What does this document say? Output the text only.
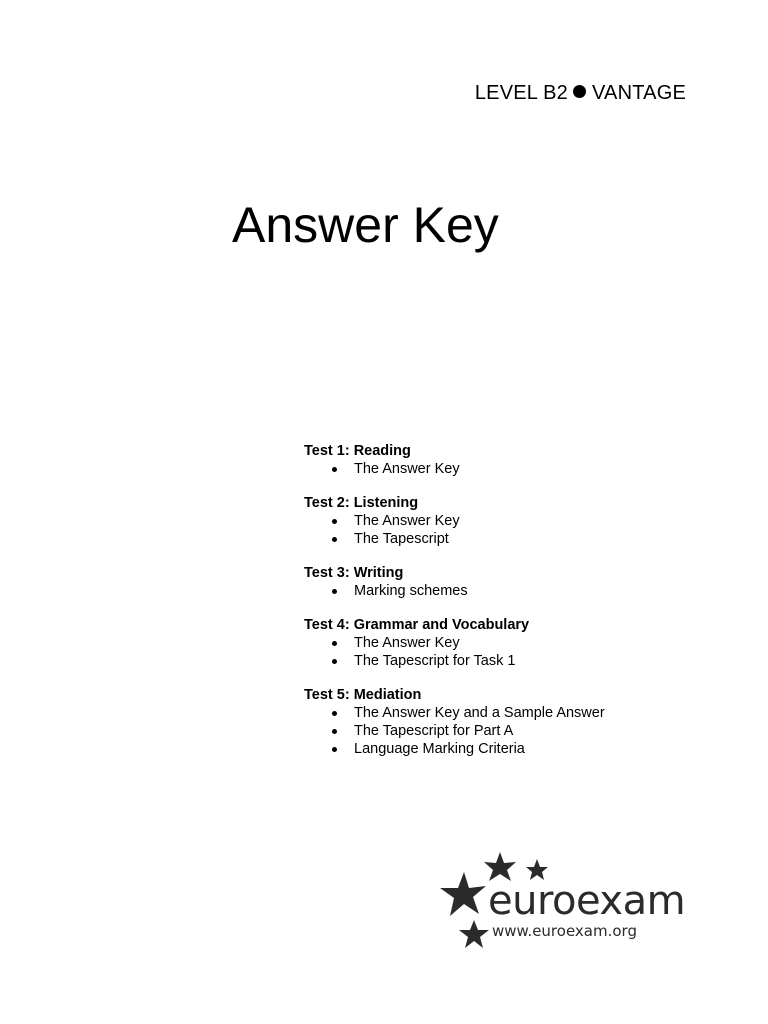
LEVEL B2 VANTAGE
Answer Key

Test 1: Reading

The Answer Key

Test 2: Listening

The Answer Key
The Tapescript

Test 3: Writing

Marking schemes

Test 4: Grammar and Vocabulary

The Answer Key
The Tapescript for Task 1

Test 5: Mediation

The Answer Key and a Sample Answer
The Tapescript for Part A
Language Marking Criteria
euroexam
www.euroexam.org
